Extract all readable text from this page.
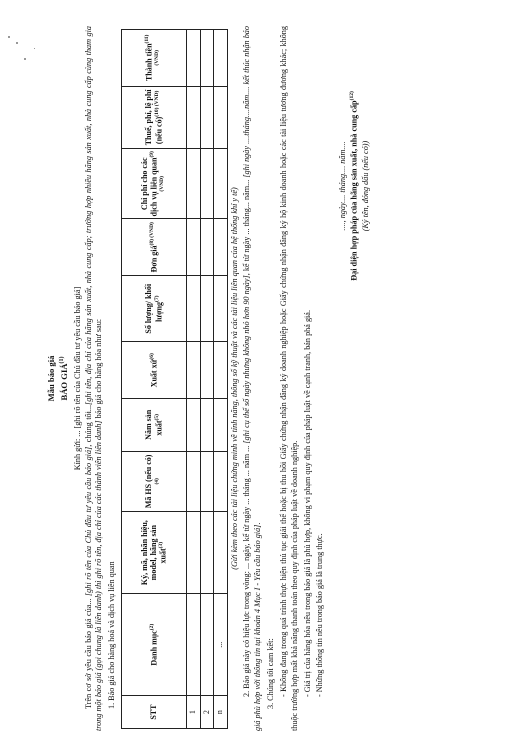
Mẫu báo giá BÁO GIÁ$^{(1)}$ Kính gửi: ... [ghi rõ tên của Chủ đầu tư yêu cầu báo giá]

Trên cơ sở yêu cầu báo giá của... [ghi rõ tên của Chủ đầu tư yêu cầu báo giá], chúng tôi...[ghi tên, địa chỉ của hãng sản xuất, nhà cung cấp; trường hợp nhiều hãng sản xuất, nhà cung cấp cùng tham gia trong một báo giá (gọi chung là liên danh) thì ghi rõ tên, địa chỉ của các thành viên liên danh] báo giá cho hàng hóa như sau:

1. Báo giá cho hàng hoá và dịch vụ liên quan

STT	Danh mục$^{(2)}$	Ký, mã, nhãn hiệu, model, hãng sản xuất$^{(3)}$	Mã HS (nếu có)$^{(4)}$	Năm sản xuất$^{(5)}$	Xuất xứ$^{(6)}$	Số lượng/ khối lượng$^{(7)}$	Đơn giá$^{(8) (VND)}$	Chi phí cho các dịch vụ liên quan$^{(9) (VND)}$	Thuế, phí, lệ phí (nếu có)$^{(10) (VND)}$	Thành tiền$^{(11) (VND)}$
1										
2										
n	...									
(Gửi kèm theo các tài liệu chứng minh về tính năng, thông số kỹ thuật và các tài liệu liên quan của hệ thống khí y tế)

2. Báo giá này có hiệu lực trong vòng: ... ngày, kể từ ngày ... tháng ... năm ... [ghi cụ thể số ngày nhưng không nhỏ hơn 90 ngày], kể từ ngày ... tháng... năm... [ghi ngày ....tháng....năm.... kết thúc nhận báo giá phù hợp với thông tin tại khoản 4 Mục I - Yêu cầu báo giá].

3. Chúng tôi cam kết: - Không đang trong quá trình thực hiện thủ tục giải thể hoặc bị thu hồi Giấy chứng nhận đăng ký doanh nghiệp hoặc Giấy chứng nhận đăng ký hộ kinh doanh hoặc các tài liệu tương đương khác; không thuộc trường hợp mất khả năng thanh toán theo quy định của pháp luật về doanh nghiệp. - Giá trị của hàng hóa nêu trong báo giá là phù hợp, không vi phạm quy định của pháp luật về cạnh tranh, bán phá giá. - Những thông tin nêu trong báo giá là trung thực.

...., ngày.... tháng.... năm.... Đại diện hợp pháp của hãng sản xuất, nhà cung cấp$^{(12)}$
(Ký tên, đóng dấu (nếu có))
